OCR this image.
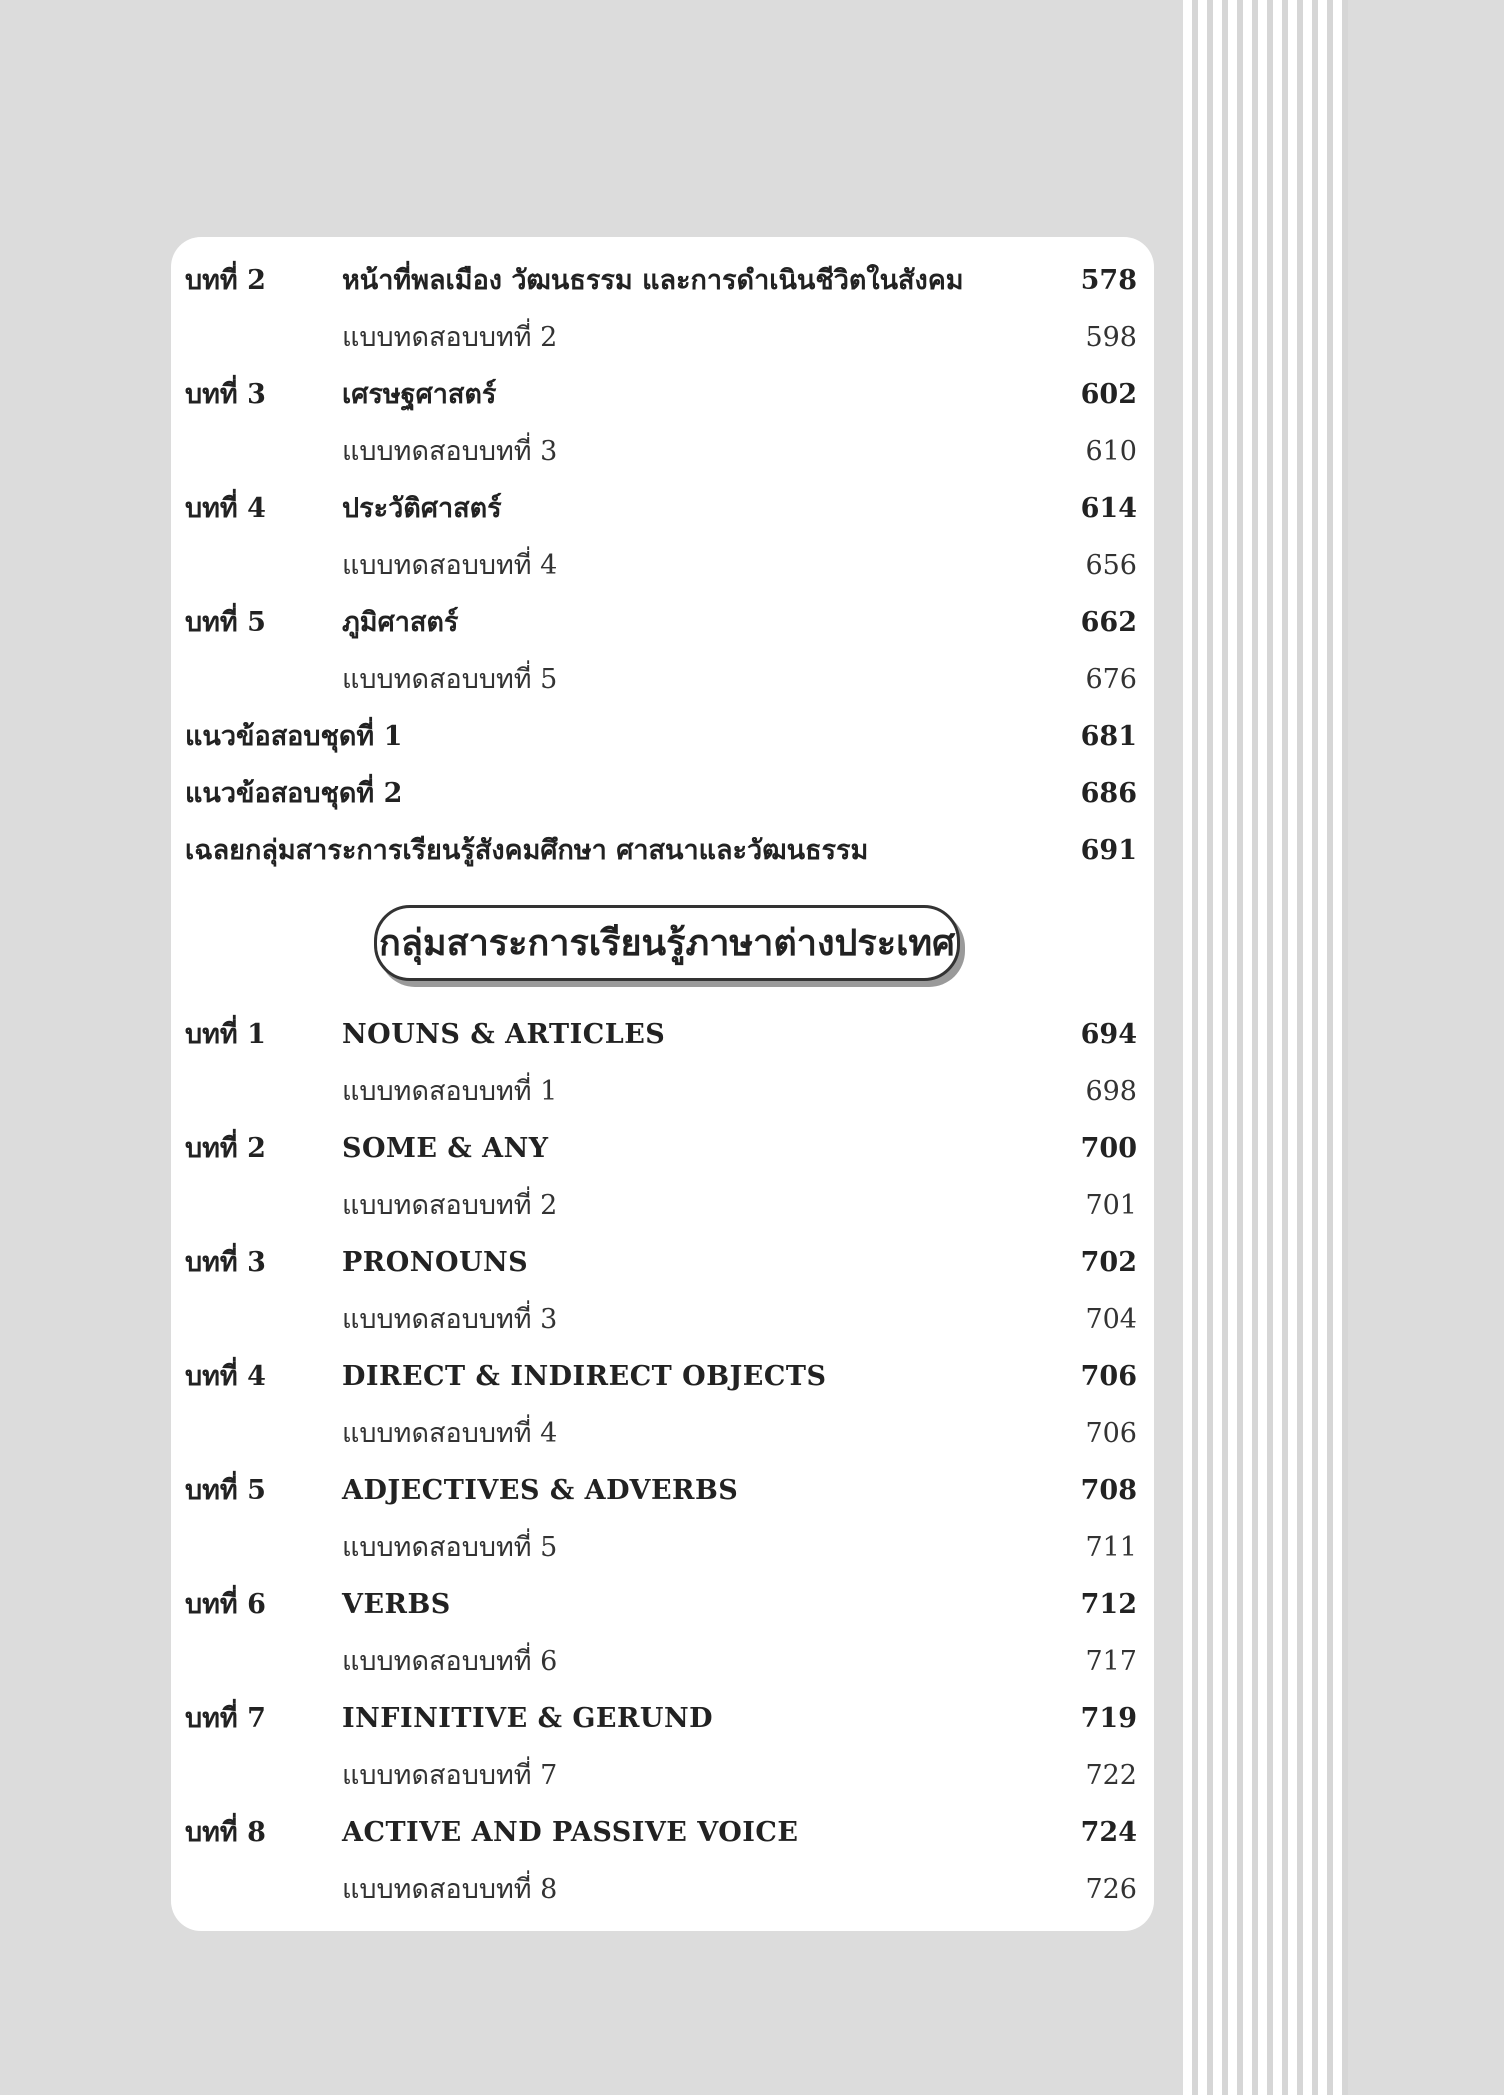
บทที่ 2	หน้าที่พลเมือง วัฒนธรรม และการดำเนินชีวิตในสังคม	578
แบบทดสอบบทที่ 2	598
บทที่ 3	เศรษฐศาสตร์	602
แบบทดสอบบทที่ 3	610
บทที่ 4	ประวัติศาสตร์	614
แบบทดสอบบทที่ 4	656
บทที่ 5	ภูมิศาสตร์	662
แบบทดสอบบทที่ 5	676
แนวข้อสอบชุดที่ 1	681
แนวข้อสอบชุดที่ 2	686
เฉลยกลุ่มสาระการเรียนรู้สังคมศึกษา ศาสนาและวัฒนธรรม	691
กลุ่มสาระการเรียนรู้ภาษาต่างประเทศ
บทที่ 1	NOUNS & ARTICLES	694
แบบทดสอบบทที่ 1	698
บทที่ 2	SOME & ANY	700
แบบทดสอบบทที่ 2	701
บทที่ 3	PRONOUNS	702
แบบทดสอบบทที่ 3	704
บทที่ 4	DIRECT & INDIRECT OBJECTS	706
แบบทดสอบบทที่ 4	706
บทที่ 5	ADJECTIVES & ADVERBS	708
แบบทดสอบบทที่ 5	711
บทที่ 6	VERBS	712
แบบทดสอบบทที่ 6	717
บทที่ 7	INFINITIVE & GERUND	719
แบบทดสอบบทที่ 7	722
บทที่ 8	ACTIVE AND PASSIVE VOICE	724
แบบทดสอบบทที่ 8	726
